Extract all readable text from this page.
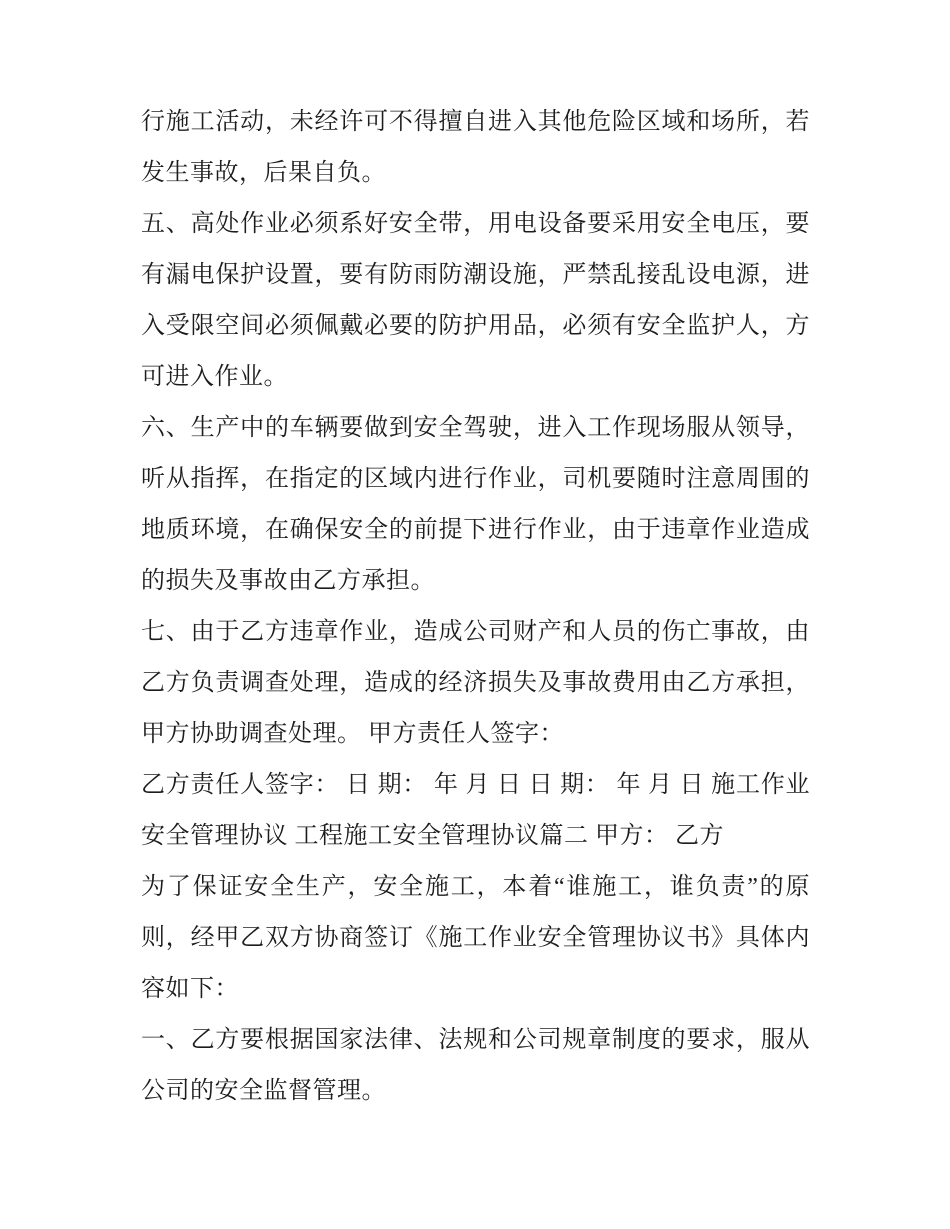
行施工活动，未经许可不得擅自进入其他危险区域和场所，若
发生事故，后果自负。
五、高处作业必须系好安全带，用电设备要采用安全电压，要
有漏电保护设置，要有防雨防潮设施，严禁乱接乱设电源，进
入受限空间必须佩戴必要的防护用品，必须有安全监护人，方
可进入作业。
六、生产中的车辆要做到安全驾驶，进入工作现场服从领导，
听从指挥，在指定的区域内进行作业，司机要随时注意周围的
地质环境，在确保安全的前提下进行作业，由于违章作业造成
的损失及事故由乙方承担。
七、由于乙方违章作业，造成公司财产和人员的伤亡事故，由
乙方负责调查处理，造成的经济损失及事故费用由乙方承担，
甲方协助调查处理。 甲方责任人签字：
乙方责任人签字： 日 期： 年 月 日 日 期： 年 月 日 施工作业
安全管理协议 工程施工安全管理协议篇二 甲方： 乙方
为了保证安全生产，安全施工，本着“谁施工，谁负责”的原
则，经甲乙双方协商签订《施工作业安全管理协议书》具体内
容如下：
一、乙方要根据国家法律、法规和公司规章制度的要求，服从
公司的安全监督管理。
